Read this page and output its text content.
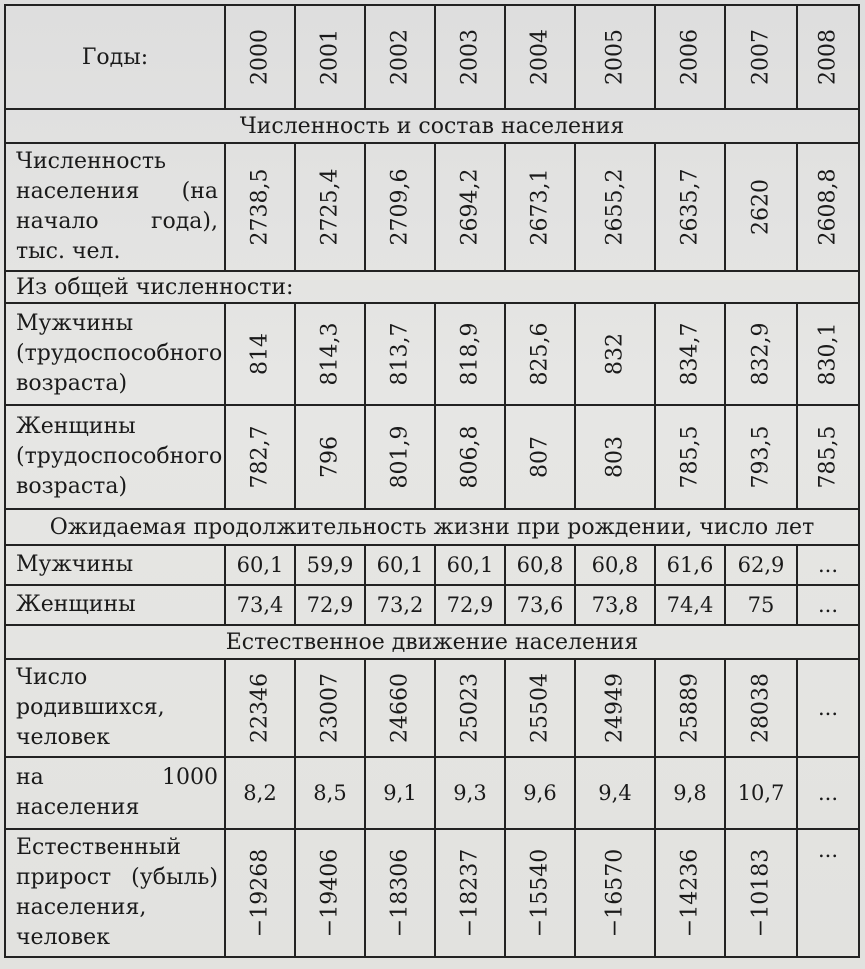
Годы:	2000	2001	2002	2003	2004	2005	2006	2007	2008

Численность и состав населения									
Численность населения (на начало года), тыс. чел.	2738,5	2725,4	2709,6	2694,2	2673,1	2655,2	2635,7	2620	2608,8

Из общей численности:									
Мужчины (трудоспособного возраста)	814	814,3	813,7	818,9	825,6	832	834,7	832,9	830,1

Женщины (трудоспособного возраста)	782,7	796	801,9	806,8	807	803	785,5	793,5	785,5

Ожидаемая продолжительность жизни при рождении, число лет									
Мужчины	60,1	59,9	60,1	60,1	60,8	60,8	61,6	62,9	...
Женщины	73,4	72,9	73,2	72,9	73,6	73,8	74,4	75	...
Естественное движение населения									
Число родившихся, человек	22346	23007	24660	25023	25504	24949	25889	28038	...
на 1000 населения	8,2	8,5	9,1	9,3	9,6	9,4	9,8	10,7	...
Естественный прирост (убыль) населения, человек	−19268	−19406	−18306	−18237	−15540	−16570	−14236	−10183	...
